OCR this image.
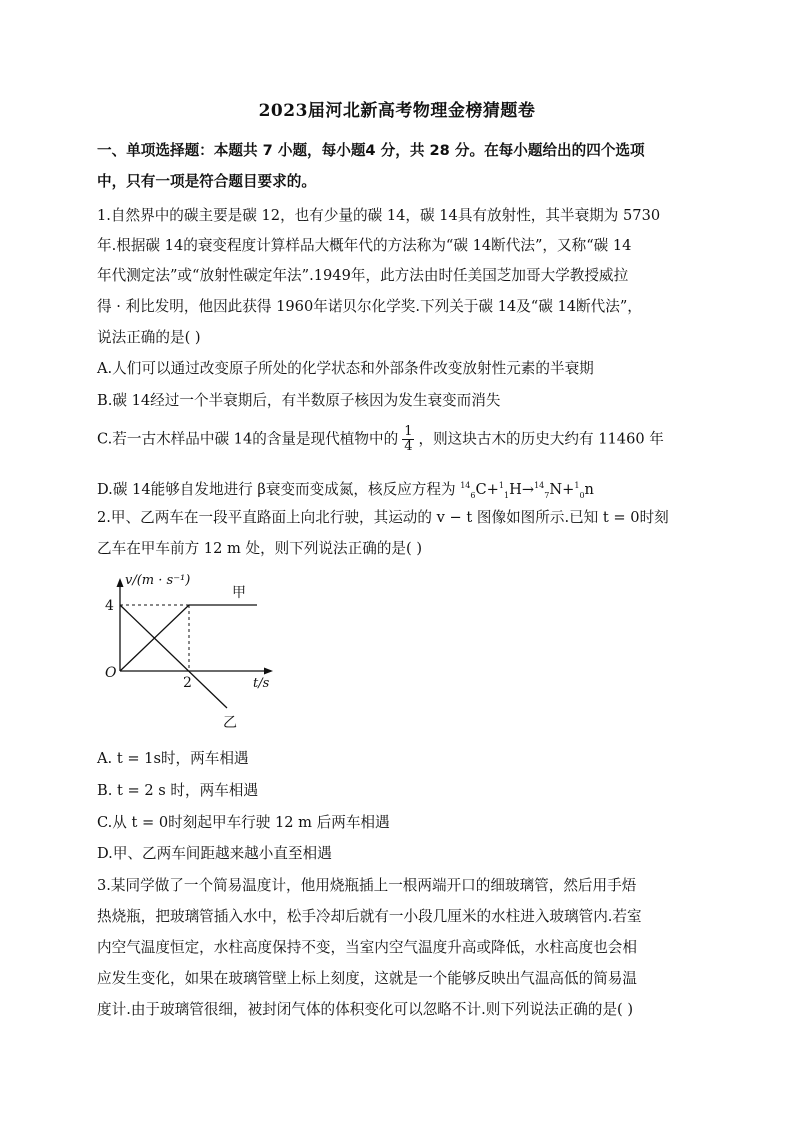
2023届河北新高考物理金榜猜题卷
一、单项选择题：本题共 7 小题，每小题4 分，共 28 分。在每小题给出的四个选项
中，只有一项是符合题目要求的。
1.自然界中的碳主要是碳 12，也有少量的碳 14，碳 14具有放射性，其半衰期为 5730
年.根据碳 14的衰变程度计算样品大概年代的方法称为“碳 14断代法”，又称“碳 14
年代测定法”或“放射性碳定年法”.1949年，此方法由时任美国芝加哥大学教授威拉
得 · 利比发明，他因此获得 1960年诺贝尔化学奖.下列关于碳 14及“碳 14断代法”，
说法正确的是( )
A.人们可以通过改变原子所处的化学状态和外部条件改变放射性元素的半衰期
B.碳 14经过一个半衰期后，有半数原子核因为发生衰变而消失
C.若一古木样品中碳 14的含量是现代植物中的 $\frac{1}{4}$ ，则这块古木的历史大约有 11460 年
D.碳 14能够自发地进行 β衰变而变成氮，核反应方程为 $^{14}_6$C+$^1_1$H→$^{14}_7$N+$^1_0$n
2.甲、乙两车在一段平直路面上向北行驶，其运动的 v − t 图像如图所示.已知 t = 0时刻
乙车在甲车前方 12 m 处，则下列说法正确的是( )
v/(m · s⁻¹)
4
O
2	t/s
甲
乙
A. t = 1s时，两车相遇
B. t = 2 s 时，两车相遇
C.从 t = 0时刻起甲车行驶 12 m 后两车相遇
D.甲、乙两车间距越来越小直至相遇
3.某同学做了一个简易温度计，他用烧瓶插上一根两端开口的细玻璃管，然后用手焐
热烧瓶，把玻璃管插入水中，松手冷却后就有一小段几厘米的水柱进入玻璃管内.若室
内空气温度恒定，水柱高度保持不变，当室内空气温度升高或降低，水柱高度也会相
应发生变化，如果在玻璃管壁上标上刻度，这就是一个能够反映出气温高低的简易温
度计.由于玻璃管很细，被封闭气体的体积变化可以忽略不计.则下列说法正确的是( )
